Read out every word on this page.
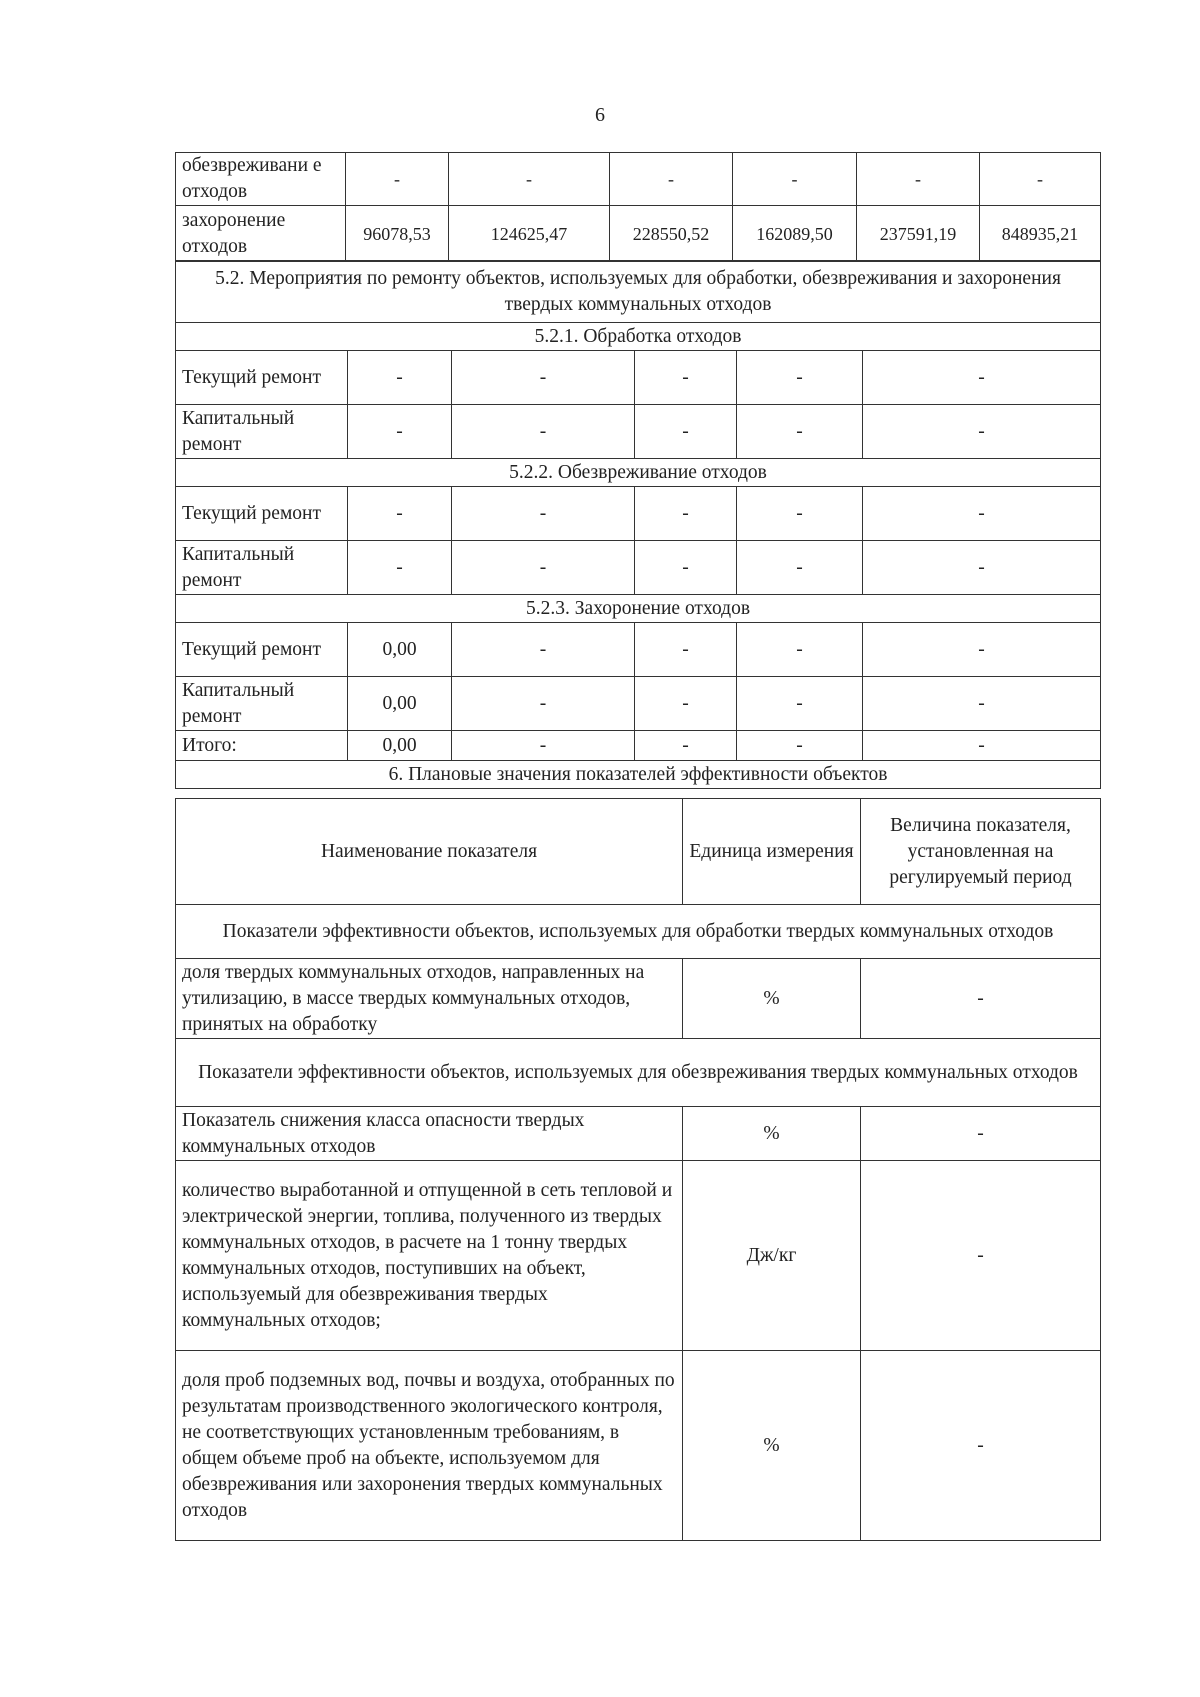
6
обезвреживани е отходов	-	-	-	-	-	-
захоронение отходов	96078,53	124625,47	228550,52	162089,50	237591,19	848935,21
5.2. Мероприятия по ремонту объектов, используемых для обработки, обезвреживания и захоронения твердых коммунальных отходов					
5.2.1. Обработка отходов					
Текущий ремонт	-	-	-	-	-
Капитальный ремонт	-	-	-	-	-
5.2.2. Обезвреживание отходов					
Текущий ремонт	-	-	-	-	-
Капитальный ремонт	-	-	-	-	-
5.2.3. Захоронение отходов					
Текущий ремонт	0,00	-	-	-	-
Капитальный ремонт	0,00	-	-	-	-
Итого:	0,00	-	-	-	-
6. Плановые значения показателей эффективности объектов					
Наименование показателя	Единица измерения	Величина показателя, установленная на регулируемый период
Показатели эффективности объектов, используемых для обработки твердых коммунальных отходов		
доля твердых коммунальных отходов, направленных на утилизацию, в массе твердых коммунальных отходов, принятых на обработку	%	-
Показатели эффективности объектов, используемых для обезвреживания твердых коммунальных отходов		
Показатель снижения класса опасности твердых коммунальных отходов	%	-
количество выработанной и отпущенной в сеть тепловой и электрической энергии, топлива, полученного из твердых коммунальных отходов, в расчете на 1 тонну твердых коммунальных отходов, поступивших на объект, используемый для обезвреживания твердых коммунальных отходов;	Дж/кг	-
доля проб подземных вод, почвы и воздуха, отобранных по результатам производственного экологического контроля, не соответствующих установленным требованиям, в общем объеме проб на объекте, используемом для обезвреживания или захоронения твердых коммунальных отходов	%	-
